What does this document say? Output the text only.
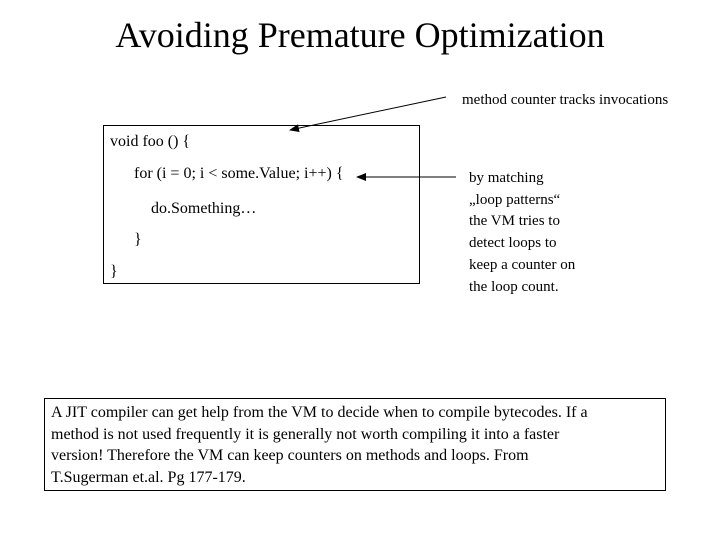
Avoiding Premature Optimization
method counter tracks invocations
void foo () {
for (i = 0; i < some.Value; i++) {
do.Something…
}
}
by matching
„loop patterns“
the VM tries to
detect loops to
keep a counter on
the loop count.
A JIT compiler can get help from the VM to decide when to compile bytecodes. If a
method is not used frequently it is generally not worth compiling it into a faster
version! Therefore the VM can keep counters on methods and loops. From
T.Sugerman et.al. Pg 177-179.
